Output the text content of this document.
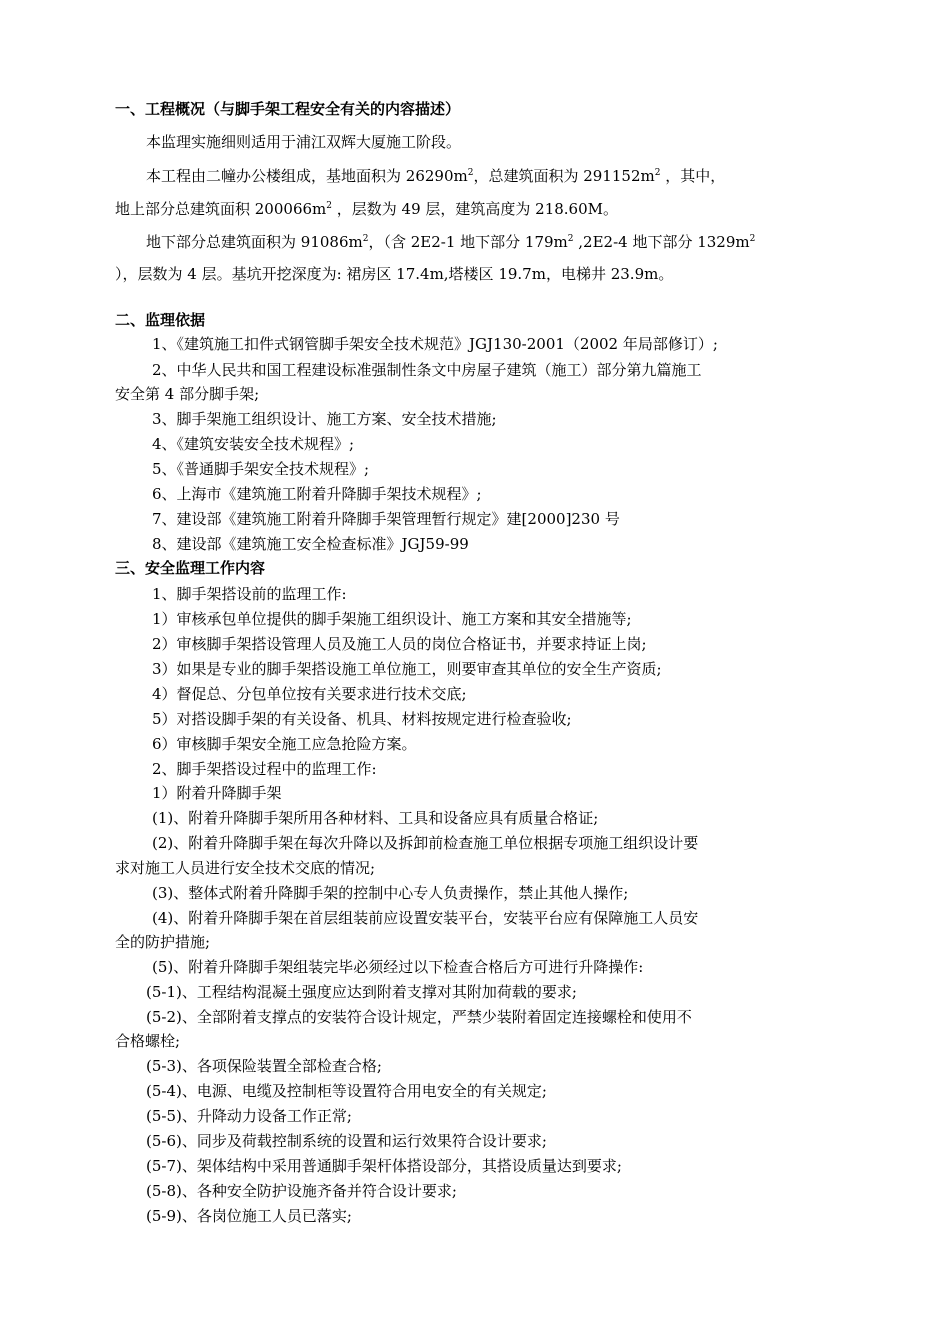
一、工程概况（与脚手架工程安全有关的内容描述）
本监理实施细则适用于浦江双辉大厦施工阶段。
本工程由二幢办公楼组成，基地面积为 $26290m^2$，总建筑面积为 $291152m^2$ ，其中，
地上部分总建筑面积 $200066m^2$ ，层数为 49 层，建筑高度为 218.60M。
地下部分总建筑面积为 $91086m^2$，（含 2E2-1 地下部分 $179m^2$ ,2E2-4 地下部分 $1329m^2$
），层数为 4 层。基坑开挖深度为: 裙房区 17.4m,塔楼区 19.7m，电梯井 23.9m。
二、监理依据
1、《建筑施工扣件式钢管脚手架安全技术规范》JGJ130-2001（2002 年局部修订）;
2、中华人民共和国工程建设标准强制性条文中房屋子建筑（施工）部分第九篇施工
安全第 4 部分脚手架;
3、脚手架施工组织设计、施工方案、安全技术措施;
4、《建筑安装安全技术规程》;
5、《普通脚手架安全技术规程》;
6、上海市《建筑施工附着升降脚手架技术规程》;
7、建设部《建筑施工附着升降脚手架管理暂行规定》建[2000]230 号
8、建设部《建筑施工安全检查标准》JGJ59-99
三、安全监理工作内容
1、脚手架搭设前的监理工作:
1）审核承包单位提供的脚手架施工组织设计、施工方案和其安全措施等;
2）审核脚手架搭设管理人员及施工人员的岗位合格证书，并要求持证上岗;
3）如果是专业的脚手架搭设施工单位施工，则要审查其单位的安全生产资质;
4）督促总、分包单位按有关要求进行技术交底;
5）对搭设脚手架的有关设备、机具、材料按规定进行检查验收;
6）审核脚手架安全施工应急抢险方案。
2、脚手架搭设过程中的监理工作:
1）附着升降脚手架
(1)、附着升降脚手架所用各种材料、工具和设备应具有质量合格证;
(2)、附着升降脚手架在每次升降以及拆卸前检查施工单位根据专项施工组织设计要
求对施工人员进行安全技术交底的情况;
(3)、整体式附着升降脚手架的控制中心专人负责操作，禁止其他人操作;
(4)、附着升降脚手架在首层组装前应设置安装平台，安装平台应有保障施工人员安
全的防护措施;
(5)、附着升降脚手架组装完毕必须经过以下检查合格后方可进行升降操作:
(5-1)、工程结构混凝土强度应达到附着支撑对其附加荷载的要求;
(5-2)、全部附着支撑点的安装符合设计规定，严禁少装附着固定连接螺栓和使用不
合格螺栓;
(5-3)、各项保险装置全部检查合格;
(5-4)、电源、电缆及控制柜等设置符合用电安全的有关规定;
(5-5)、升降动力设备工作正常;
(5-6)、同步及荷载控制系统的设置和运行效果符合设计要求;
(5-7)、架体结构中采用普通脚手架杆体搭设部分，其搭设质量达到要求;
(5-8)、各种安全防护设施齐备并符合设计要求;
(5-9)、各岗位施工人员已落实;
